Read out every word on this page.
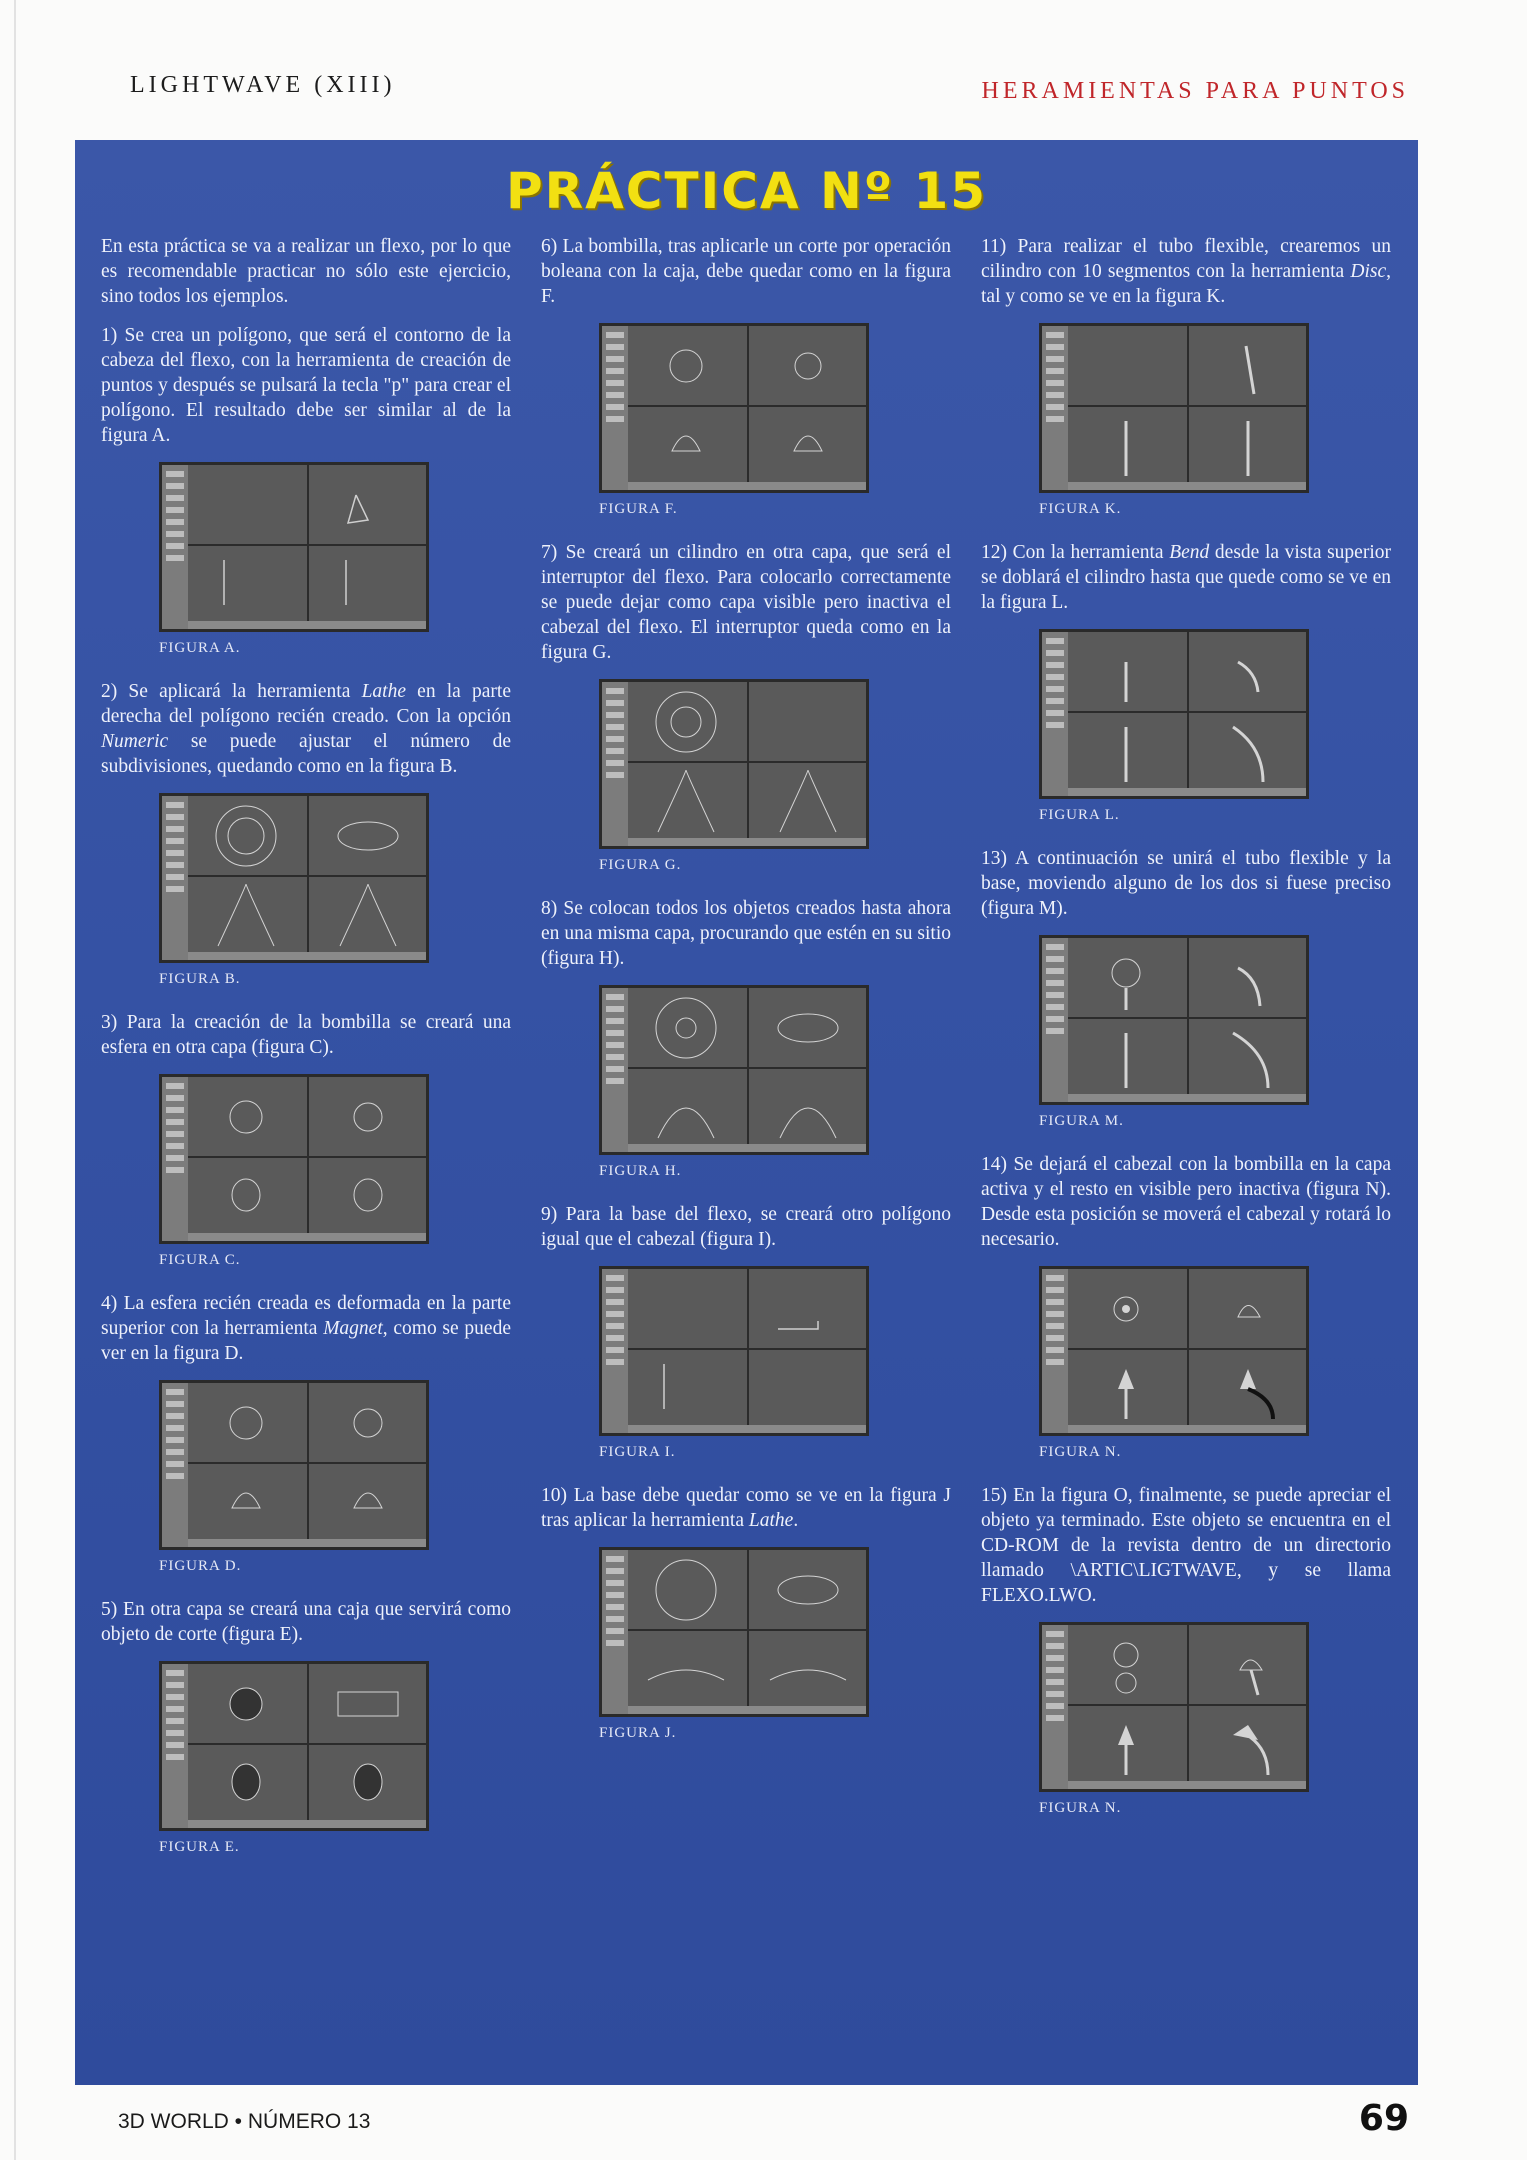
LIGHTWAVE (XIII)	HERAMIENTAS PARA PUNTOS
PRÁCTICA Nº 15

En esta práctica se va a realizar un flexo, por lo que es recomendable practicar no sólo este ejercicio, sino todos los ejemplos.

1) Se crea un polígono, que será el contorno de la cabeza del flexo, con la herramienta de creación de puntos y después se pulsará la tecla "p" para crear el polígono. El resultado debe ser similar al de la figura A.

FIGURA A.

2) Se aplicará la herramienta Lathe en la parte derecha del polígono recién creado. Con la opción Numeric se puede ajustar el número de subdivisiones, quedando como en la figura B.

FIGURA B.

3) Para la creación de la bombilla se creará una esfera en otra capa (figura C).

FIGURA C.

4) La esfera recién creada es deformada en la parte superior con la herramienta Magnet, como se puede ver en la figura D.

FIGURA D.

5) En otra capa se creará una caja que servirá como objeto de corte (figura E).

FIGURA E.

6) La bombilla, tras aplicarle un corte por operación boleana con la caja, debe quedar como en la figura F.

FIGURA F.

7) Se creará un cilindro en otra capa, que será el interruptor del flexo. Para colocarlo correctamente se puede dejar como capa visible pero inactiva el cabezal del flexo. El interruptor queda como en la figura G.

FIGURA G.

8) Se colocan todos los objetos creados hasta ahora en una misma capa, procurando que estén en su sitio (figura H).

FIGURA H.

9) Para la base del flexo, se creará otro polígono igual que el cabezal (figura I).

FIGURA I.

10) La base debe quedar como se ve en la figura J tras aplicar la herramienta Lathe.

FIGURA J.

11) Para realizar el tubo flexible, crearemos un cilindro con 10 segmentos con la herramienta Disc, tal y como se ve en la figura K.

FIGURA K.

12) Con la herramienta Bend desde la vista superior se doblará el cilindro hasta que quede como se ve en la figura L.

FIGURA L.

13) A continuación se unirá el tubo flexible y la base, moviendo alguno de los dos si fuese preciso (figura M).

FIGURA M.

14) Se dejará el cabezal con la bombilla en la capa activa y el resto en visible pero inactiva (figura N). Desde esta posición se moverá el cabezal y rotará lo necesario.

FIGURA N.

15) En la figura O, finalmente, se puede apreciar el objeto ya terminado. Este objeto se encuentra en el CD-ROM de la revista dentro de un directorio llamado \ARTIC\LIGTWAVE, y se llama FLEXO.LWO.

FIGURA N.
3D WORLD • NÚMERO 13	69
